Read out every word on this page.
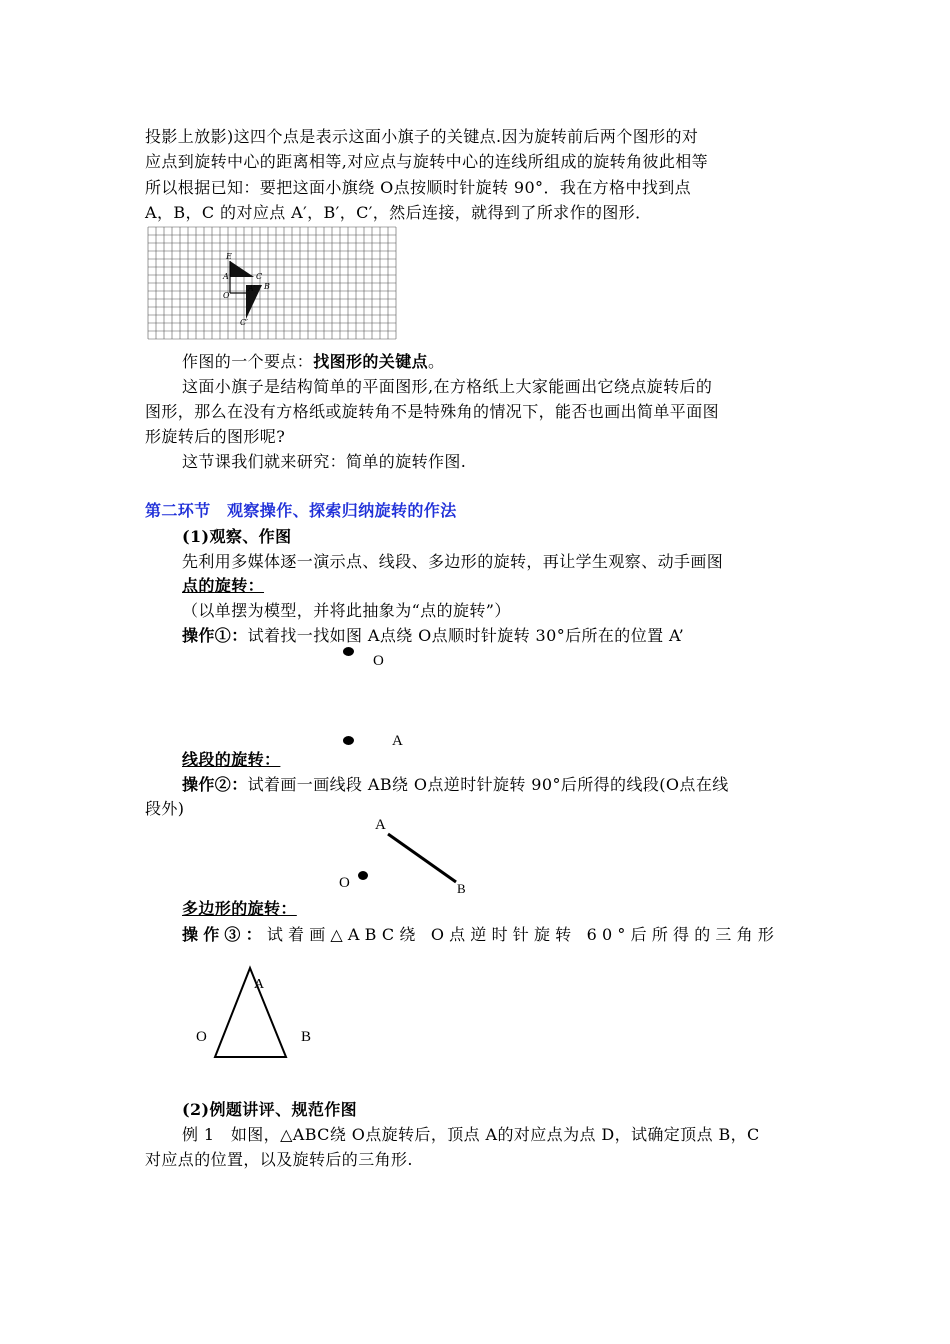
投影上放影)这四个点是表示这面小旗子的关键点.因为旋转前后两个图形的对
应点到旋转中心的距离相等,对应点与旋转中心的连线所组成的旋转角彼此相等
所以根据已知：要把这面小旗绕 O点按顺时针旋转 90°．我在方格中找到点
A，B，C 的对应点 A′，B′，C′，然后连接，就得到了所求作的图形．
E
A	C
O
A′ B
C′
作图的一个要点：找图形的关键点。
这面小旗子是结构简单的平面图形,在方格纸上大家能画出它绕点旋转后的
图形，那么在没有方格纸或旋转角不是特殊角的情况下，能否也画出简单平面图
形旋转后的图形呢?
这节课我们就来研究：简单的旋转作图.
第二环节　观察操作、探索归纳旋转的作法
(1)观察、作图
先利用多媒体逐一演示点、线段、多边形的旋转，再让学生观察、动手画图
点的旋转：
（以单摆为模型，并将此抽象为“点的旋转”）
操作①：试着找一找如图 A点绕 O点顺时针旋转 30°后所在的位置 A’
O
A
线段的旋转：
操作②：试着画一画线段 AB绕 O点逆时针旋转 90°后所得的线段(O点在线
段外)
A
B
O
多边形的旋转：
操作③：试着画△ABC绕 O点逆时针旋转 60°后所得的三角形
A
O	B
(2)例题讲评、规范作图
例 1　如图，△ABC绕 O点旋转后，顶点 A的对应点为点 D，试确定顶点 B，C
对应点的位置，以及旋转后的三角形.
